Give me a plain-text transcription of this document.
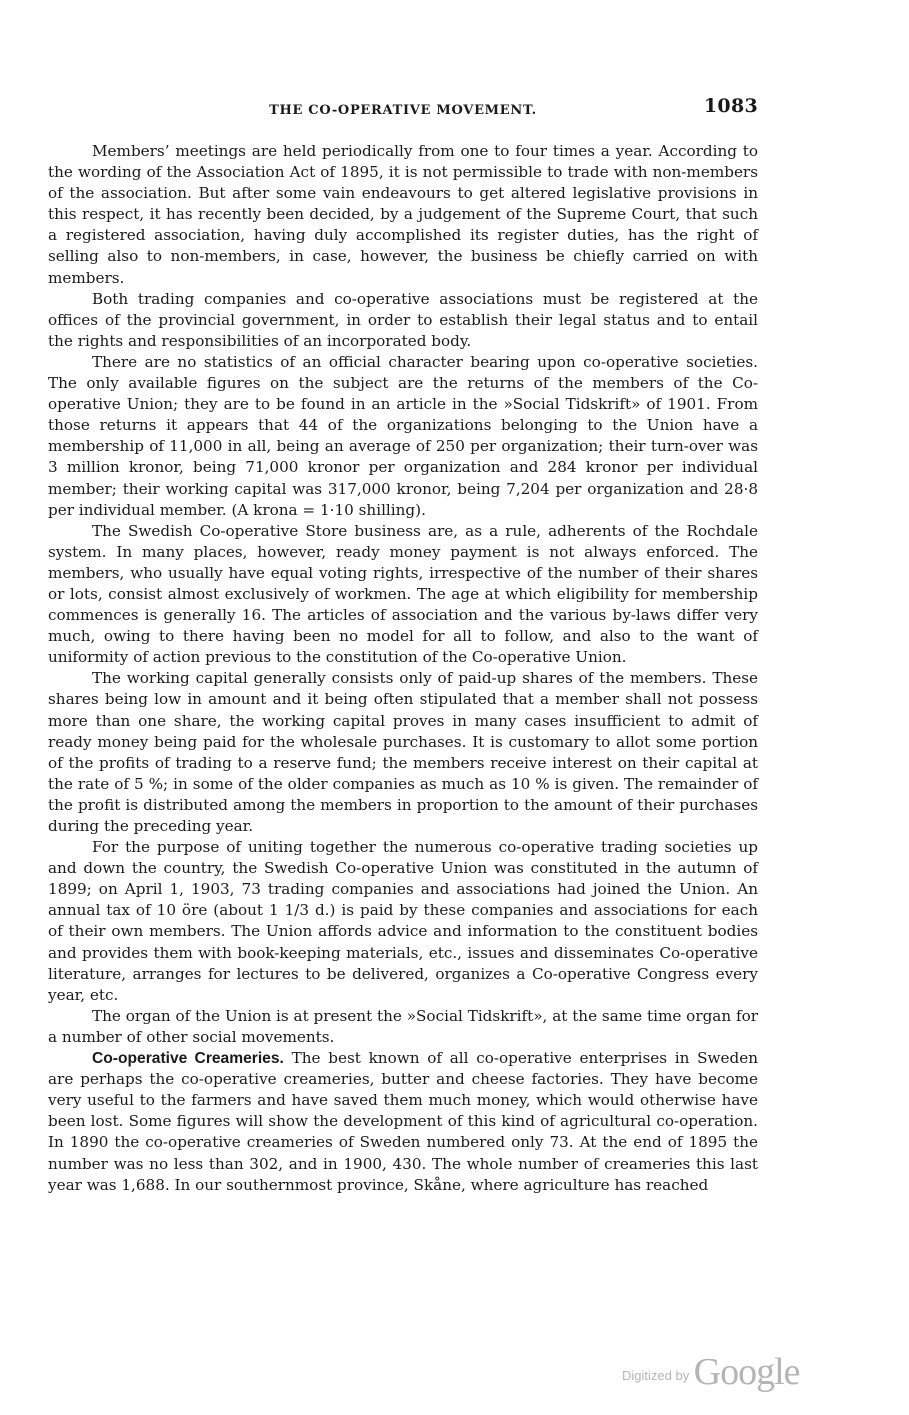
THE CO-OPERATIVE MOVEMENT.	1083

Members’ meetings are held periodically from one to four times a year. According to the wording of the Association Act of 1895, it is not permissible to trade with non-members of the association. But after some vain endeavours to get altered legislative provisions in this respect, it has recently been decided, by a judgement of the Supreme Court, that such a registered association, having duly accomplished its register duties, has the right of selling also to non-members, in case, however, the business be chiefly carried on with members.

Both trading companies and co-operative associations must be registered at the offices of the provincial government, in order to establish their legal status and to entail the rights and responsibilities of an incorporated body.

There are no statistics of an official character bearing upon co-operative societies. The only available figures on the subject are the returns of the members of the Co-operative Union; they are to be found in an article in the »Social Tidskrift» of 1901. From those returns it appears that 44 of the organizations belonging to the Union have a membership of 11,000 in all, being an average of 250 per organization; their turn-over was 3 million kronor, being 71,000 kronor per organization and 284 kronor per individual member; their working capital was 317,000 kronor, being 7,204 per organization and 28·8 per individual member. (A krona = 1·10 shilling).

The Swedish Co-operative Store business are, as a rule, adherents of the Rochdale system. In many places, however, ready money payment is not always enforced. The members, who usually have equal voting rights, irrespective of the number of their shares or lots, consist almost exclusively of workmen. The age at which eligibility for membership commences is generally 16. The articles of association and the various by-laws differ very much, owing to there having been no model for all to follow, and also to the want of uniformity of action previous to the constitution of the Co-operative Union.

The working capital generally consists only of paid-up shares of the members. These shares being low in amount and it being often stipulated that a member shall not possess more than one share, the working capital proves in many cases insufficient to admit of ready money being paid for the wholesale purchases. It is customary to allot some portion of the profits of trading to a reserve fund; the members receive interest on their capital at the rate of 5 %; in some of the older companies as much as 10 % is given. The remainder of the profit is distributed among the members in proportion to the amount of their purchases during the preceding year.

For the purpose of uniting together the numerous co-operative trading societies up and down the country, the Swedish Co-operative Union was constituted in the autumn of 1899; on April 1, 1903, 73 trading companies and associations had joined the Union. An annual tax of 10 öre (about 1 1/3 d.) is paid by these companies and associations for each of their own members. The Union affords advice and information to the constituent bodies and provides them with book-keeping materials, etc., issues and disseminates Co-operative literature, arranges for lectures to be delivered, organizes a Co-operative Congress every year, etc.

The organ of the Union is at present the »Social Tidskrift», at the same time organ for a number of other social movements.

Co-operative Creameries. The best known of all co-operative enterprises in Sweden are perhaps the co-operative creameries, butter and cheese factories. They have become very useful to the farmers and have saved them much money, which would otherwise have been lost. Some figures will show the development of this kind of agricultural co-operation. In 1890 the co-operative creameries of Sweden numbered only 73. At the end of 1895 the number was no less than 302, and in 1900, 430. The whole number of creameries this last year was 1,688. In our southernmost province, Skåne, where agriculture has reached

$^{Digitized by}$ Google
